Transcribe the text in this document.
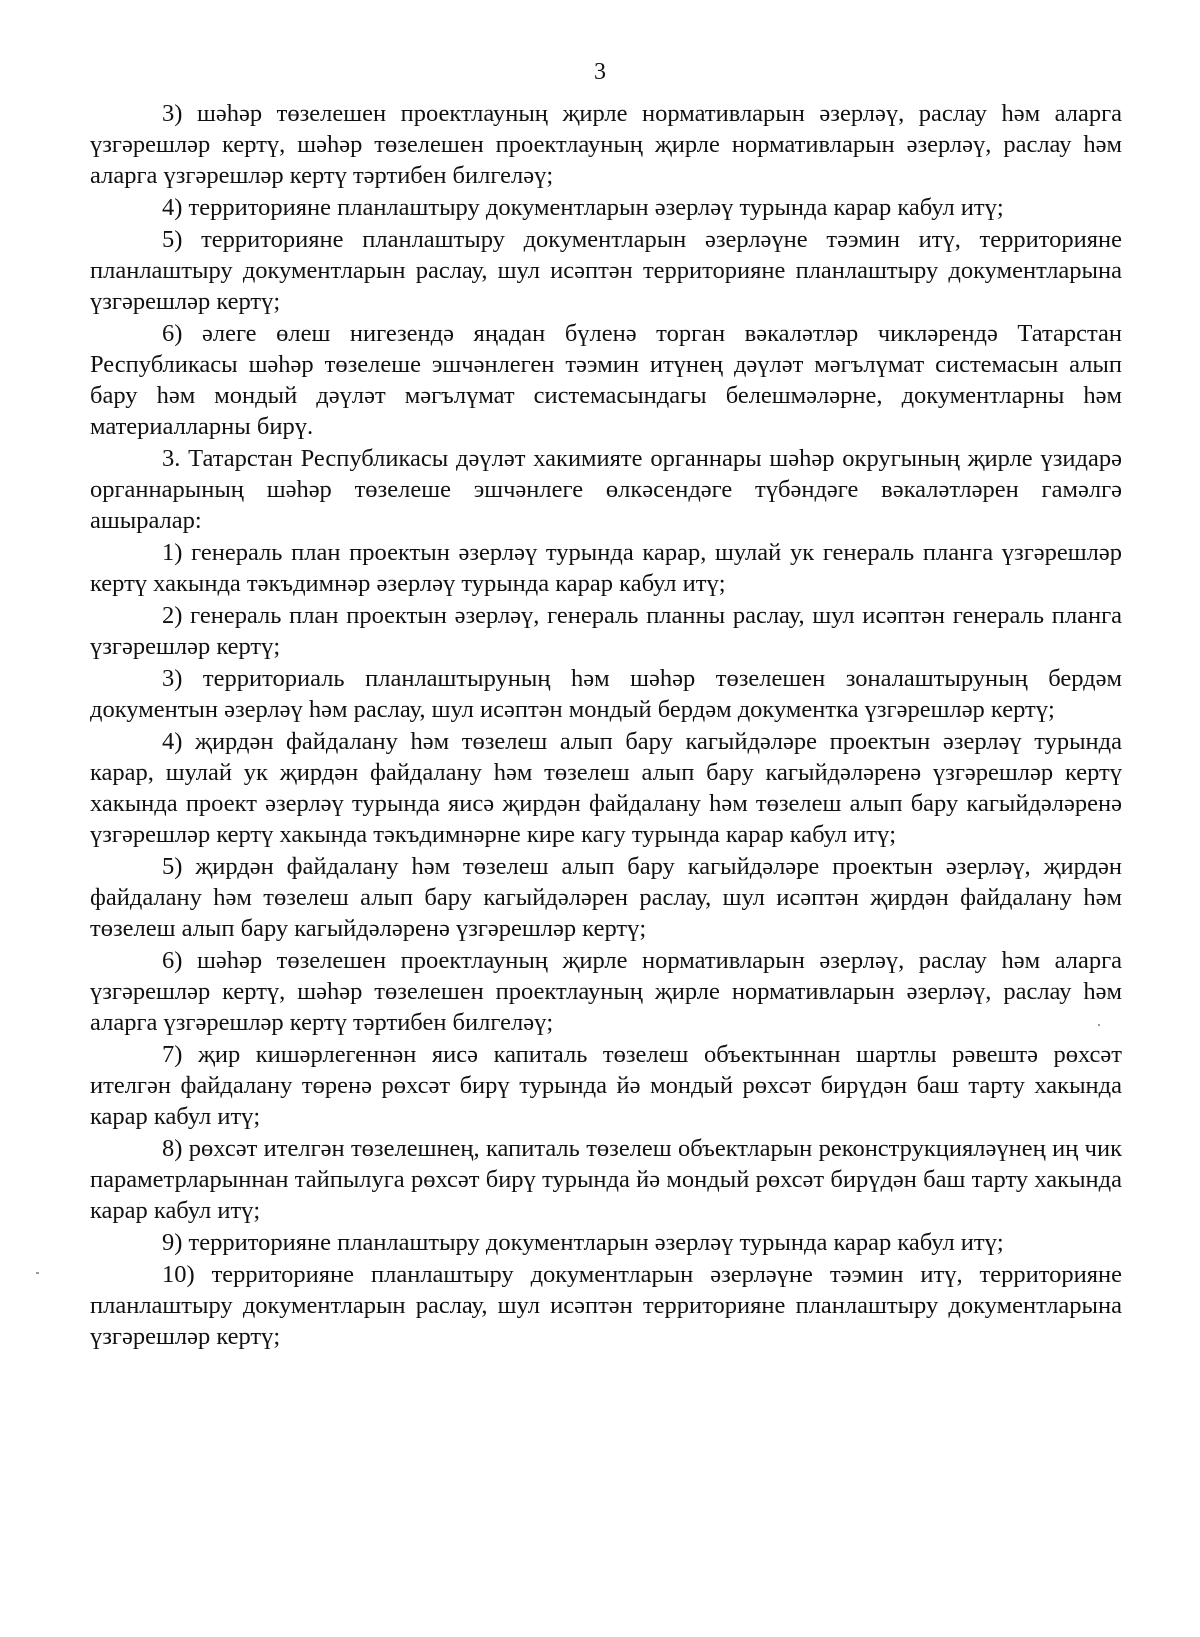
3

3) шәһәр төзелешен проектлауның җирле нормативларын әзерләү, раслау һәм аларга үзгәрешләр кертү, шәһәр төзелешен проектлауның җирле нормативларын әзерләү, раслау һәм аларга үзгәрешләр кертү тәртибен билгеләү;

4) территорияне планлаштыру документларын әзерләү турында карар кабул итү;

5) территорияне планлаштыру документларын әзерләүне тәэмин итү, территорияне планлаштыру документларын раслау, шул исәптән территорияне планлаштыру документларына үзгәрешләр кертү;

6) әлеге өлеш нигезендә яңадан бүленә торган вәкаләтләр чикләрендә Татарстан Республикасы шәһәр төзелеше эшчәнлеген тәэмин итүнең дәүләт мәгълүмат системасын алып бару һәм мондый дәүләт мәгълүмат системасындагы белешмәләрне, документларны һәм материалларны бирү.

3. Татарстан Республикасы дәүләт хакимияте органнары шәһәр округының җирле үзидарә органнарының шәһәр төзелеше эшчәнлеге өлкәсендәге түбәндәге вәкаләтләрен гамәлгә ашыралар:

1) генераль план проектын әзерләү турында карар, шулай ук генераль планга үзгәрешләр кертү хакында тәкъдимнәр әзерләү турында карар кабул итү;

2) генераль план проектын әзерләү, генераль планны раслау, шул исәптән генераль планга үзгәрешләр кертү;

3) территориаль планлаштыруның һәм шәһәр төзелешен зоналаштыруның бердәм документын әзерләү һәм раслау, шул исәптән мондый бердәм документка үзгәрешләр кертү;

4) җирдән файдалану һәм төзелеш алып бару кагыйдәләре проектын әзерләү турында карар, шулай ук җирдән файдалану һәм төзелеш алып бару кагыйдәләренә үзгәрешләр кертү хакында проект әзерләү турында яисә җирдән файдалану һәм төзелеш алып бару кагыйдәләренә үзгәрешләр кертү хакында тәкъдимнәрне кире кагу турында карар кабул итү;

5) җирдән файдалану һәм төзелеш алып бару кагыйдәләре проектын әзерләү, җирдән файдалану һәм төзелеш алып бару кагыйдәләрен раслау, шул исәптән җирдән файдалану һәм төзелеш алып бару кагыйдәләренә үзгәрешләр кертү;

6) шәһәр төзелешен проектлауның җирле нормативларын әзерләү, раслау һәм аларга үзгәрешләр кертү, шәһәр төзелешен проектлауның җирле нормативларын әзерләү, раслау һәм аларга үзгәрешләр кертү тәртибен билгеләү;

7) җир кишәрлегеннән яисә капиталь төзелеш объектыннан шартлы рәвештә рөхсәт ителгән файдалану төренә рөхсәт бирү турында йә мондый рөхсәт бирүдән баш тарту хакында карар кабул итү;

8) рөхсәт ителгән төзелешнең, капиталь төзелеш объектларын реконструкцияләүнең иң чик параметрларыннан тайпылуга рөхсәт бирү турында йә мондый рөхсәт бирүдән баш тарту хакында карар кабул итү;

9) территорияне планлаштыру документларын әзерләү турында карар кабул итү;

10) территорияне планлаштыру документларын әзерләүне тәэмин итү, территорияне планлаштыру документларын раслау, шул исәптән территорияне планлаштыру документларына үзгәрешләр кертү;
